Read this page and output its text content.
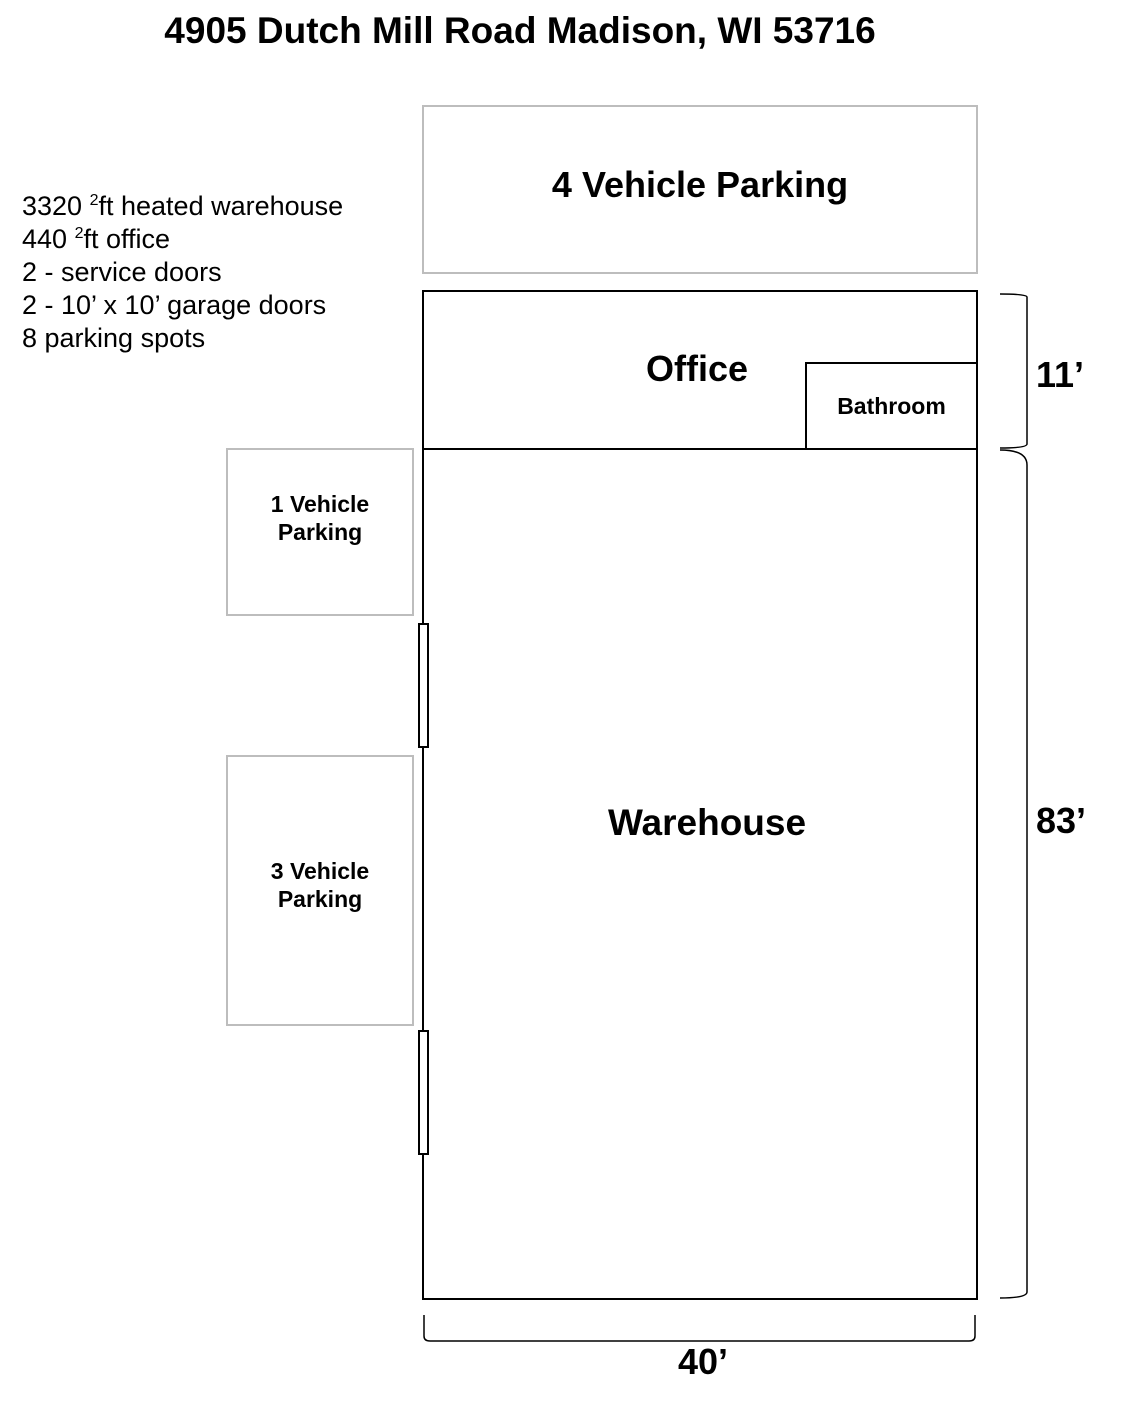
4905 Dutch Mill Road Madison, WI 53716
3320 $^2$ft heated warehouse
440 $^2$ft office
2 - service doors
2 - 10’ x 10’ garage doors
8 parking spots
4 Vehicle Parking
Warehouse
Office
Bathroom
1 Vehicle
Parking
3 Vehicle
Parking
11’
83’
40’
